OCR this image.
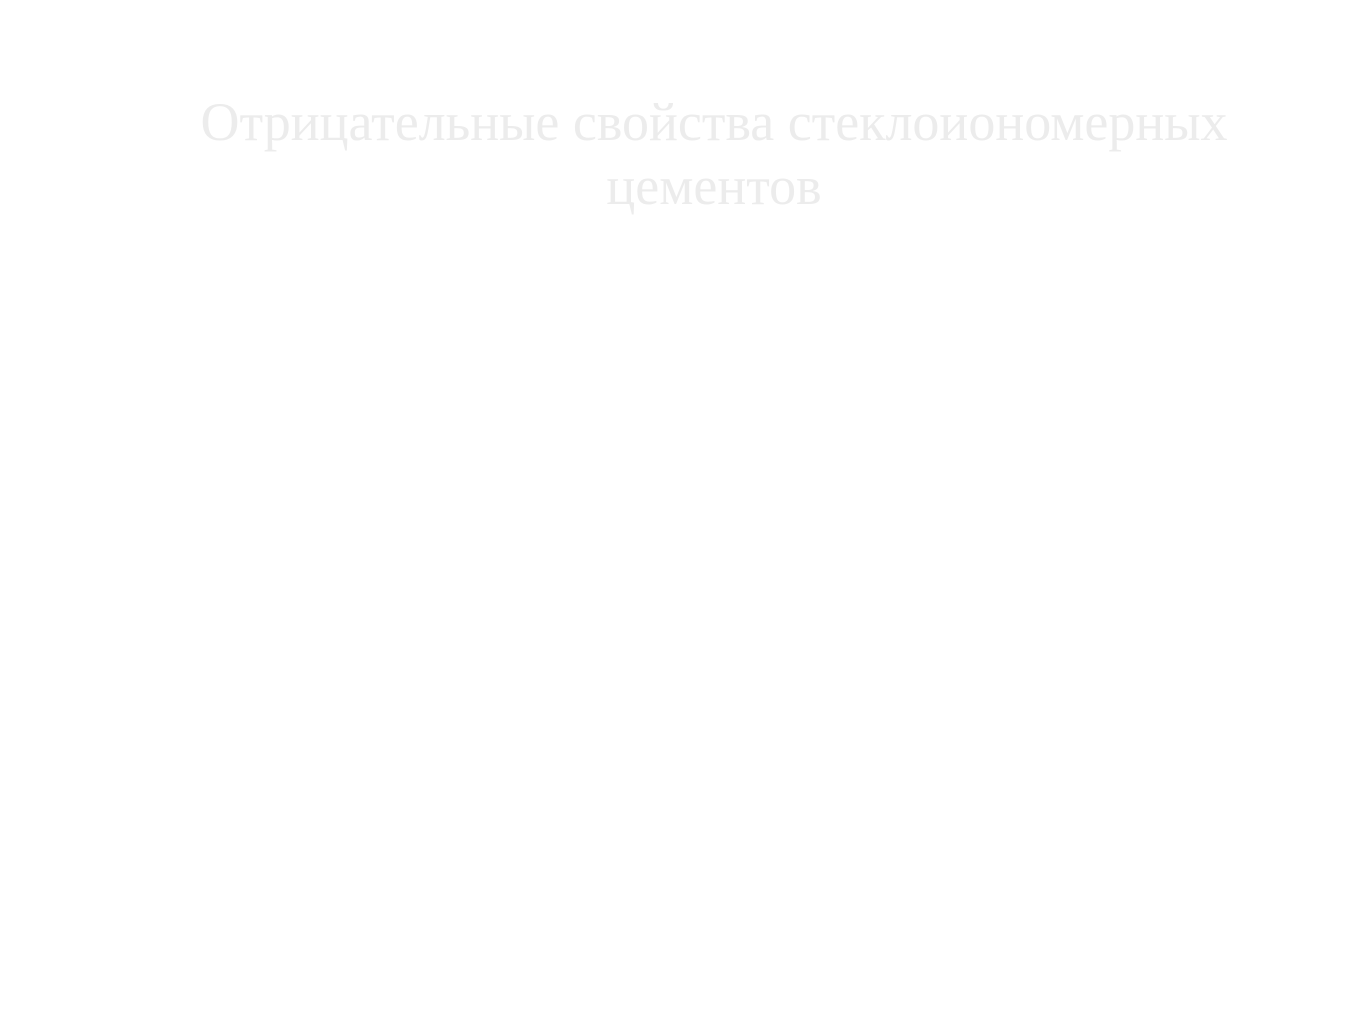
Отрицательные свойства стеклоиономерных цементов
